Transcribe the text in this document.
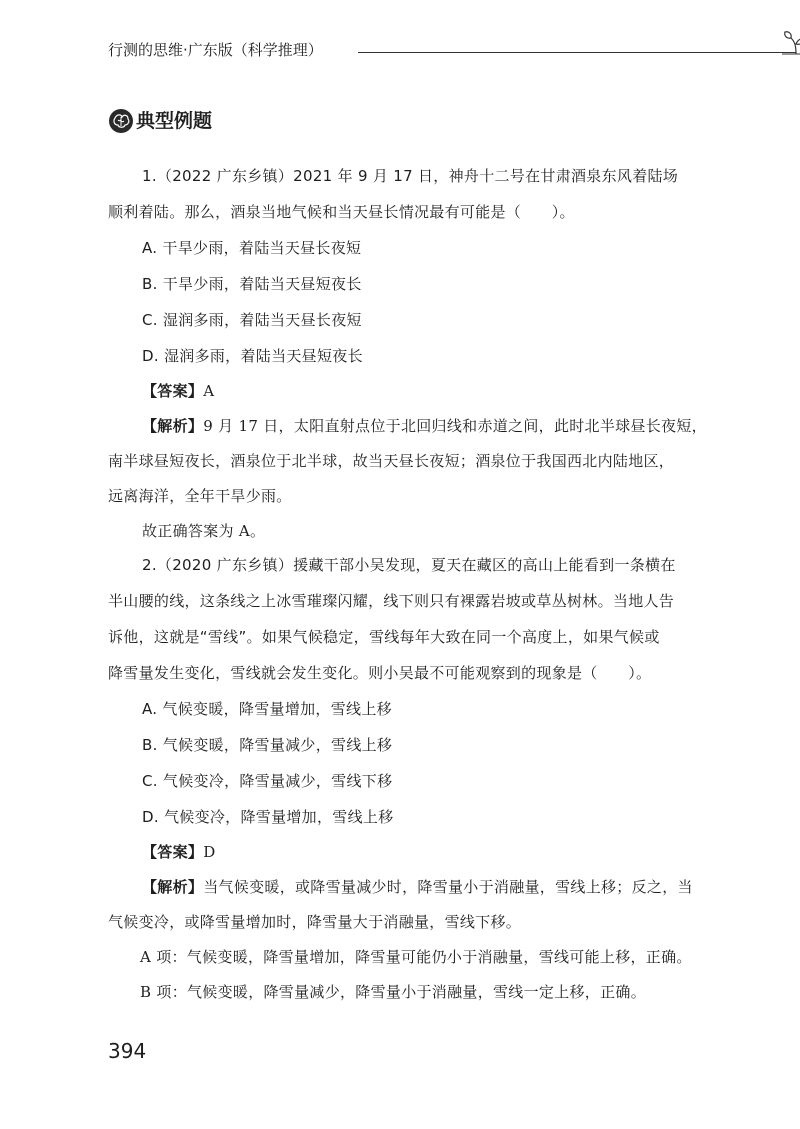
行测的思维·广东版（科学推理）
典型例题
1.（2022 广东乡镇）2021 年 9 月 17 日，神舟十二号在甘肃酒泉东风着陆场
顺利着陆。那么，酒泉当地气候和当天昼长情况最有可能是（　　）。
A. 干旱少雨，着陆当天昼长夜短
B. 干旱少雨，着陆当天昼短夜长
C. 湿润多雨，着陆当天昼长夜短
D. 湿润多雨，着陆当天昼短夜长
【答案】A
【解析】9 月 17 日，太阳直射点位于北回归线和赤道之间，此时北半球昼长夜短，
南半球昼短夜长，酒泉位于北半球，故当天昼长夜短；酒泉位于我国西北内陆地区，
远离海洋，全年干旱少雨。
故正确答案为 A。
2.（2020 广东乡镇）援藏干部小吴发现，夏天在藏区的高山上能看到一条横在
半山腰的线，这条线之上冰雪璀璨闪耀，线下则只有裸露岩坡或草丛树林。当地人告
诉他，这就是“雪线”。如果气候稳定，雪线每年大致在同一个高度上，如果气候或
降雪量发生变化，雪线就会发生变化。则小吴最不可能观察到的现象是（　　）。
A. 气候变暖，降雪量增加，雪线上移
B. 气候变暖，降雪量减少，雪线上移
C. 气候变冷，降雪量减少，雪线下移
D. 气候变冷，降雪量增加，雪线上移
【答案】D
【解析】当气候变暖，或降雪量减少时，降雪量小于消融量，雪线上移；反之，当
气候变冷，或降雪量增加时，降雪量大于消融量，雪线下移。
A 项：气候变暖，降雪量增加，降雪量可能仍小于消融量，雪线可能上移，正确。
B 项：气候变暖，降雪量减少，降雪量小于消融量，雪线一定上移，正确。
394
